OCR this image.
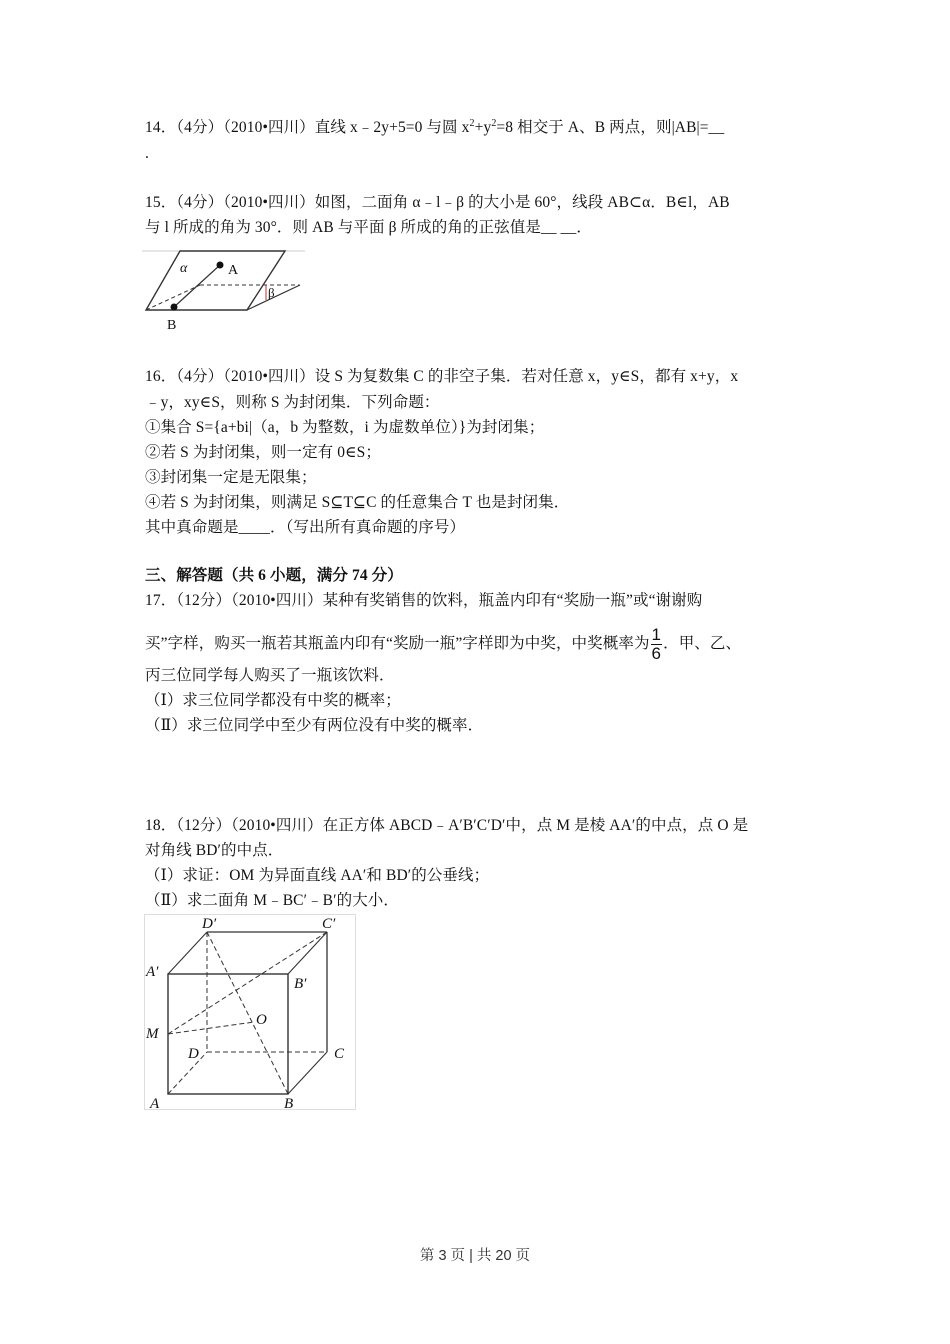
14．（4分）（2010•四川）直线 x﹣2y+5=0 与圆 $x^2+y^2=8$ 相交于 A、B 两点，则|AB|=__
.
15．（4分）（2010•四川）如图，二面角 α﹣l﹣β 的大小是 60°，线段 AB⊂α．B∈l，AB
与 l 所成的角为 30°．则 AB 与平面 β 所成的角的正弦值是__ __．
α	A
B
β
16．（4分）（2010•四川）设 S 为复数集 C 的非空子集．若对任意 x，y∈S，都有 x+y，x
﹣y，xy∈S，则称 S 为封闭集．下列命题：
①集合 S={a+bi|（a，b 为整数，i 为虚数单位）}为封闭集；
②若 S 为封闭集，则一定有 0∈S；
③封闭集一定是无限集；
④若 S 为封闭集，则满足 S⊆T⊆C 的任意集合 T 也是封闭集．
其中真命题是____．（写出所有真命题的序号）
三、解答题（共 6 小题，满分 74 分）
17．（12分）（2010•四川）某种有奖销售的饮料，瓶盖内印有“奖励一瓶”或“谢谢购
买”字样，购买一瓶若其瓶盖内印有“奖励一瓶”字样即为中奖，中奖概率为 $\frac{1}{6}$ ．甲、乙、
丙三位同学每人购买了一瓶该饮料．
（Ⅰ）求三位同学都没有中奖的概率；
（Ⅱ）求三位同学中至少有两位没有中奖的概率．
18．（12分）（2010•四川）在正方体 ABCD﹣A′B′C′D′中，点 M 是棱 AA′的中点，点 O 是
对角线 BD′的中点．
（Ⅰ）求证：OM 为异面直线 AA′和 BD′的公垂线；
（Ⅱ）求二面角 M﹣BC′﹣B′的大小．
D′	C′
A′
B′
M
O
D	C
A	B
第 3 页 | 共 20 页
